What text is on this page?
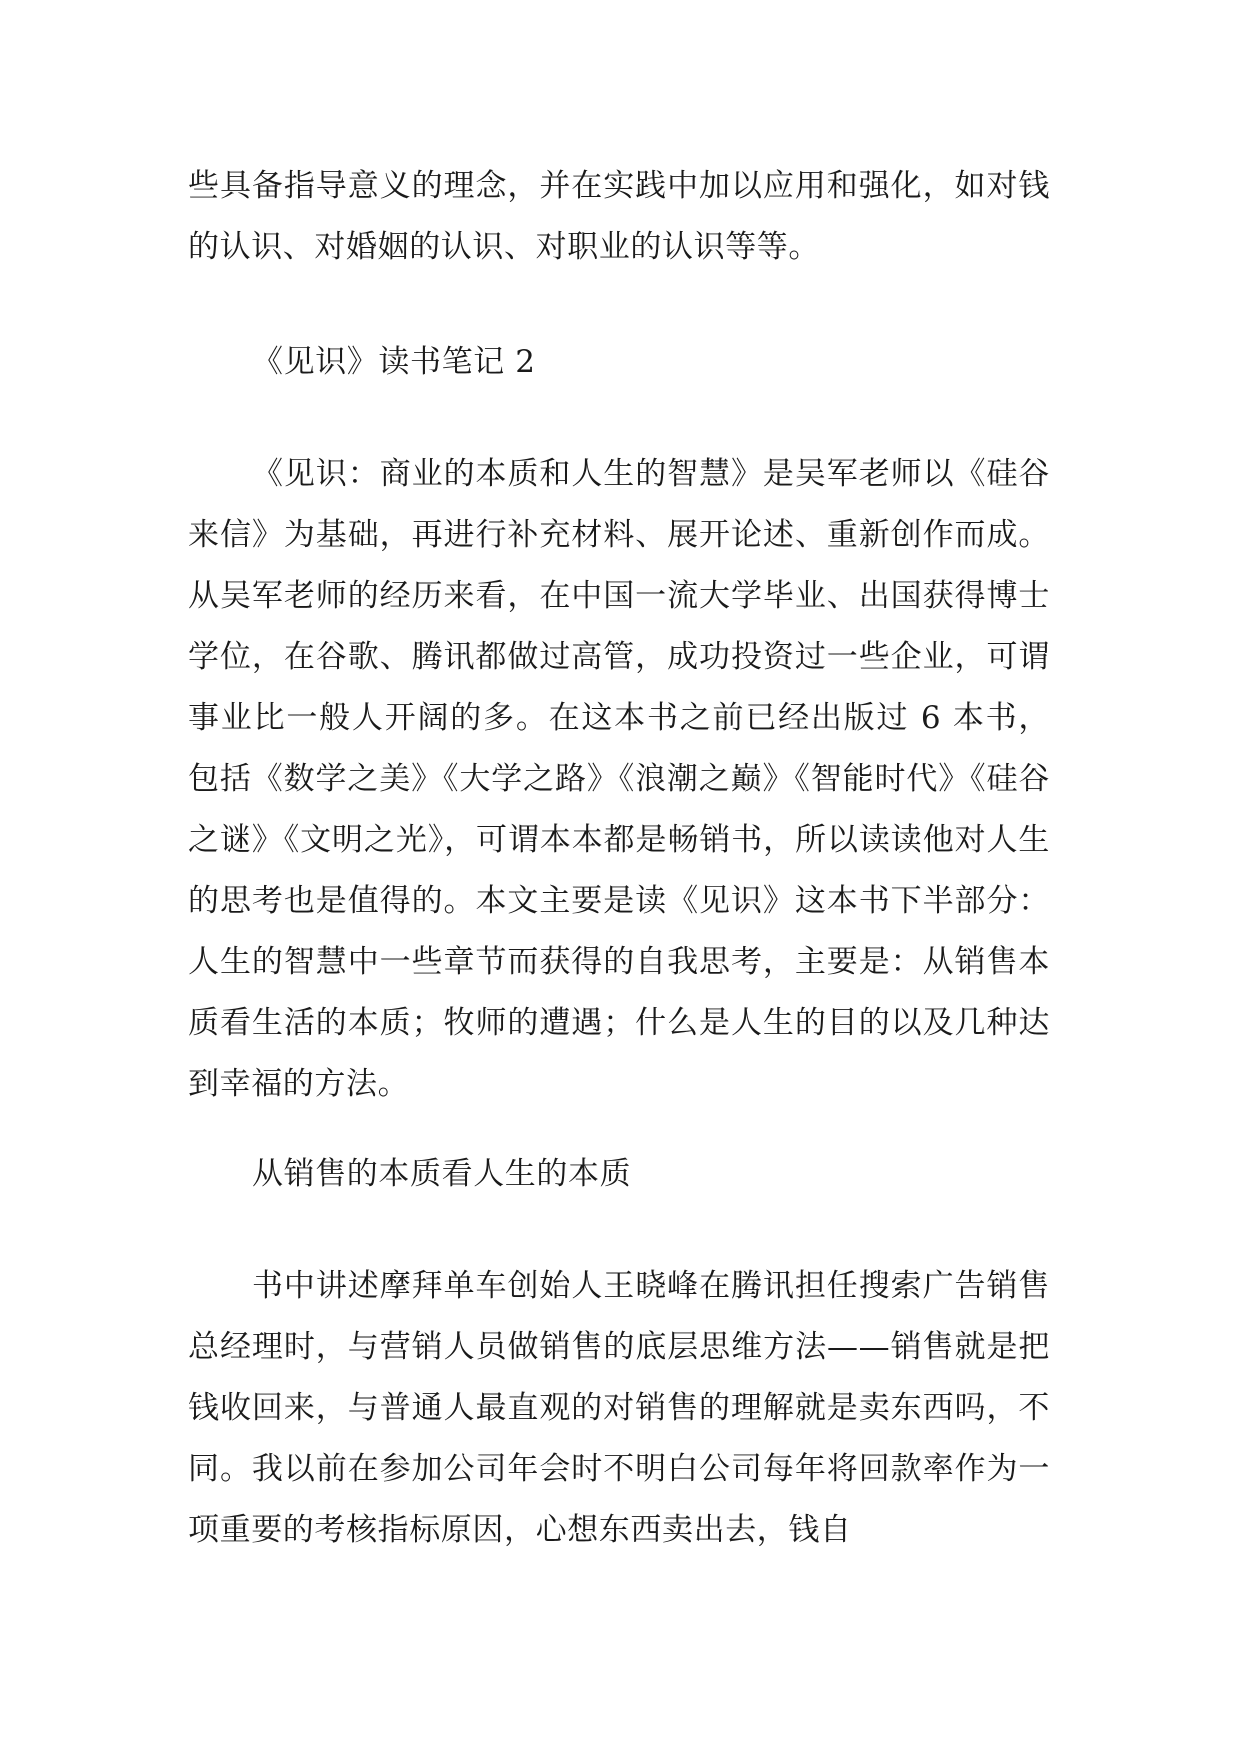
些具备指导意义的理念，并在实践中加以应用和强化，如对钱的认识、对婚姻的认识、对职业的认识等等。
《见识》读书笔记 2
《见识：商业的本质和人生的智慧》是吴军老师以《硅谷来信》为基础，再进行补充材料、展开论述、重新创作而成。从吴军老师的经历来看，在中国一流大学毕业、出国获得博士学位，在谷歌、腾讯都做过高管，成功投资过一些企业，可谓事业比一般人开阔的多。在这本书之前已经出版过 6 本书，包括《数学之美》《大学之路》《浪潮之巅》《智能时代》《硅谷之谜》《文明之光》，可谓本本都是畅销书，所以读读他对人生的思考也是值得的。本文主要是读《见识》这本书下半部分：人生的智慧中一些章节而获得的自我思考，主要是：从销售本质看生活的本质；牧师的遭遇；什么是人生的目的以及几种达到幸福的方法。
从销售的本质看人生的本质
书中讲述摩拜单车创始人王晓峰在腾讯担任搜索广告销售总经理时，与营销人员做销售的底层思维方法——销售就是把钱收回来，与普通人最直观的对销售的理解就是卖东西吗，不同。我以前在参加公司年会时不明白公司每年将回款率作为一项重要的考核指标原因，心想东西卖出去，钱自
